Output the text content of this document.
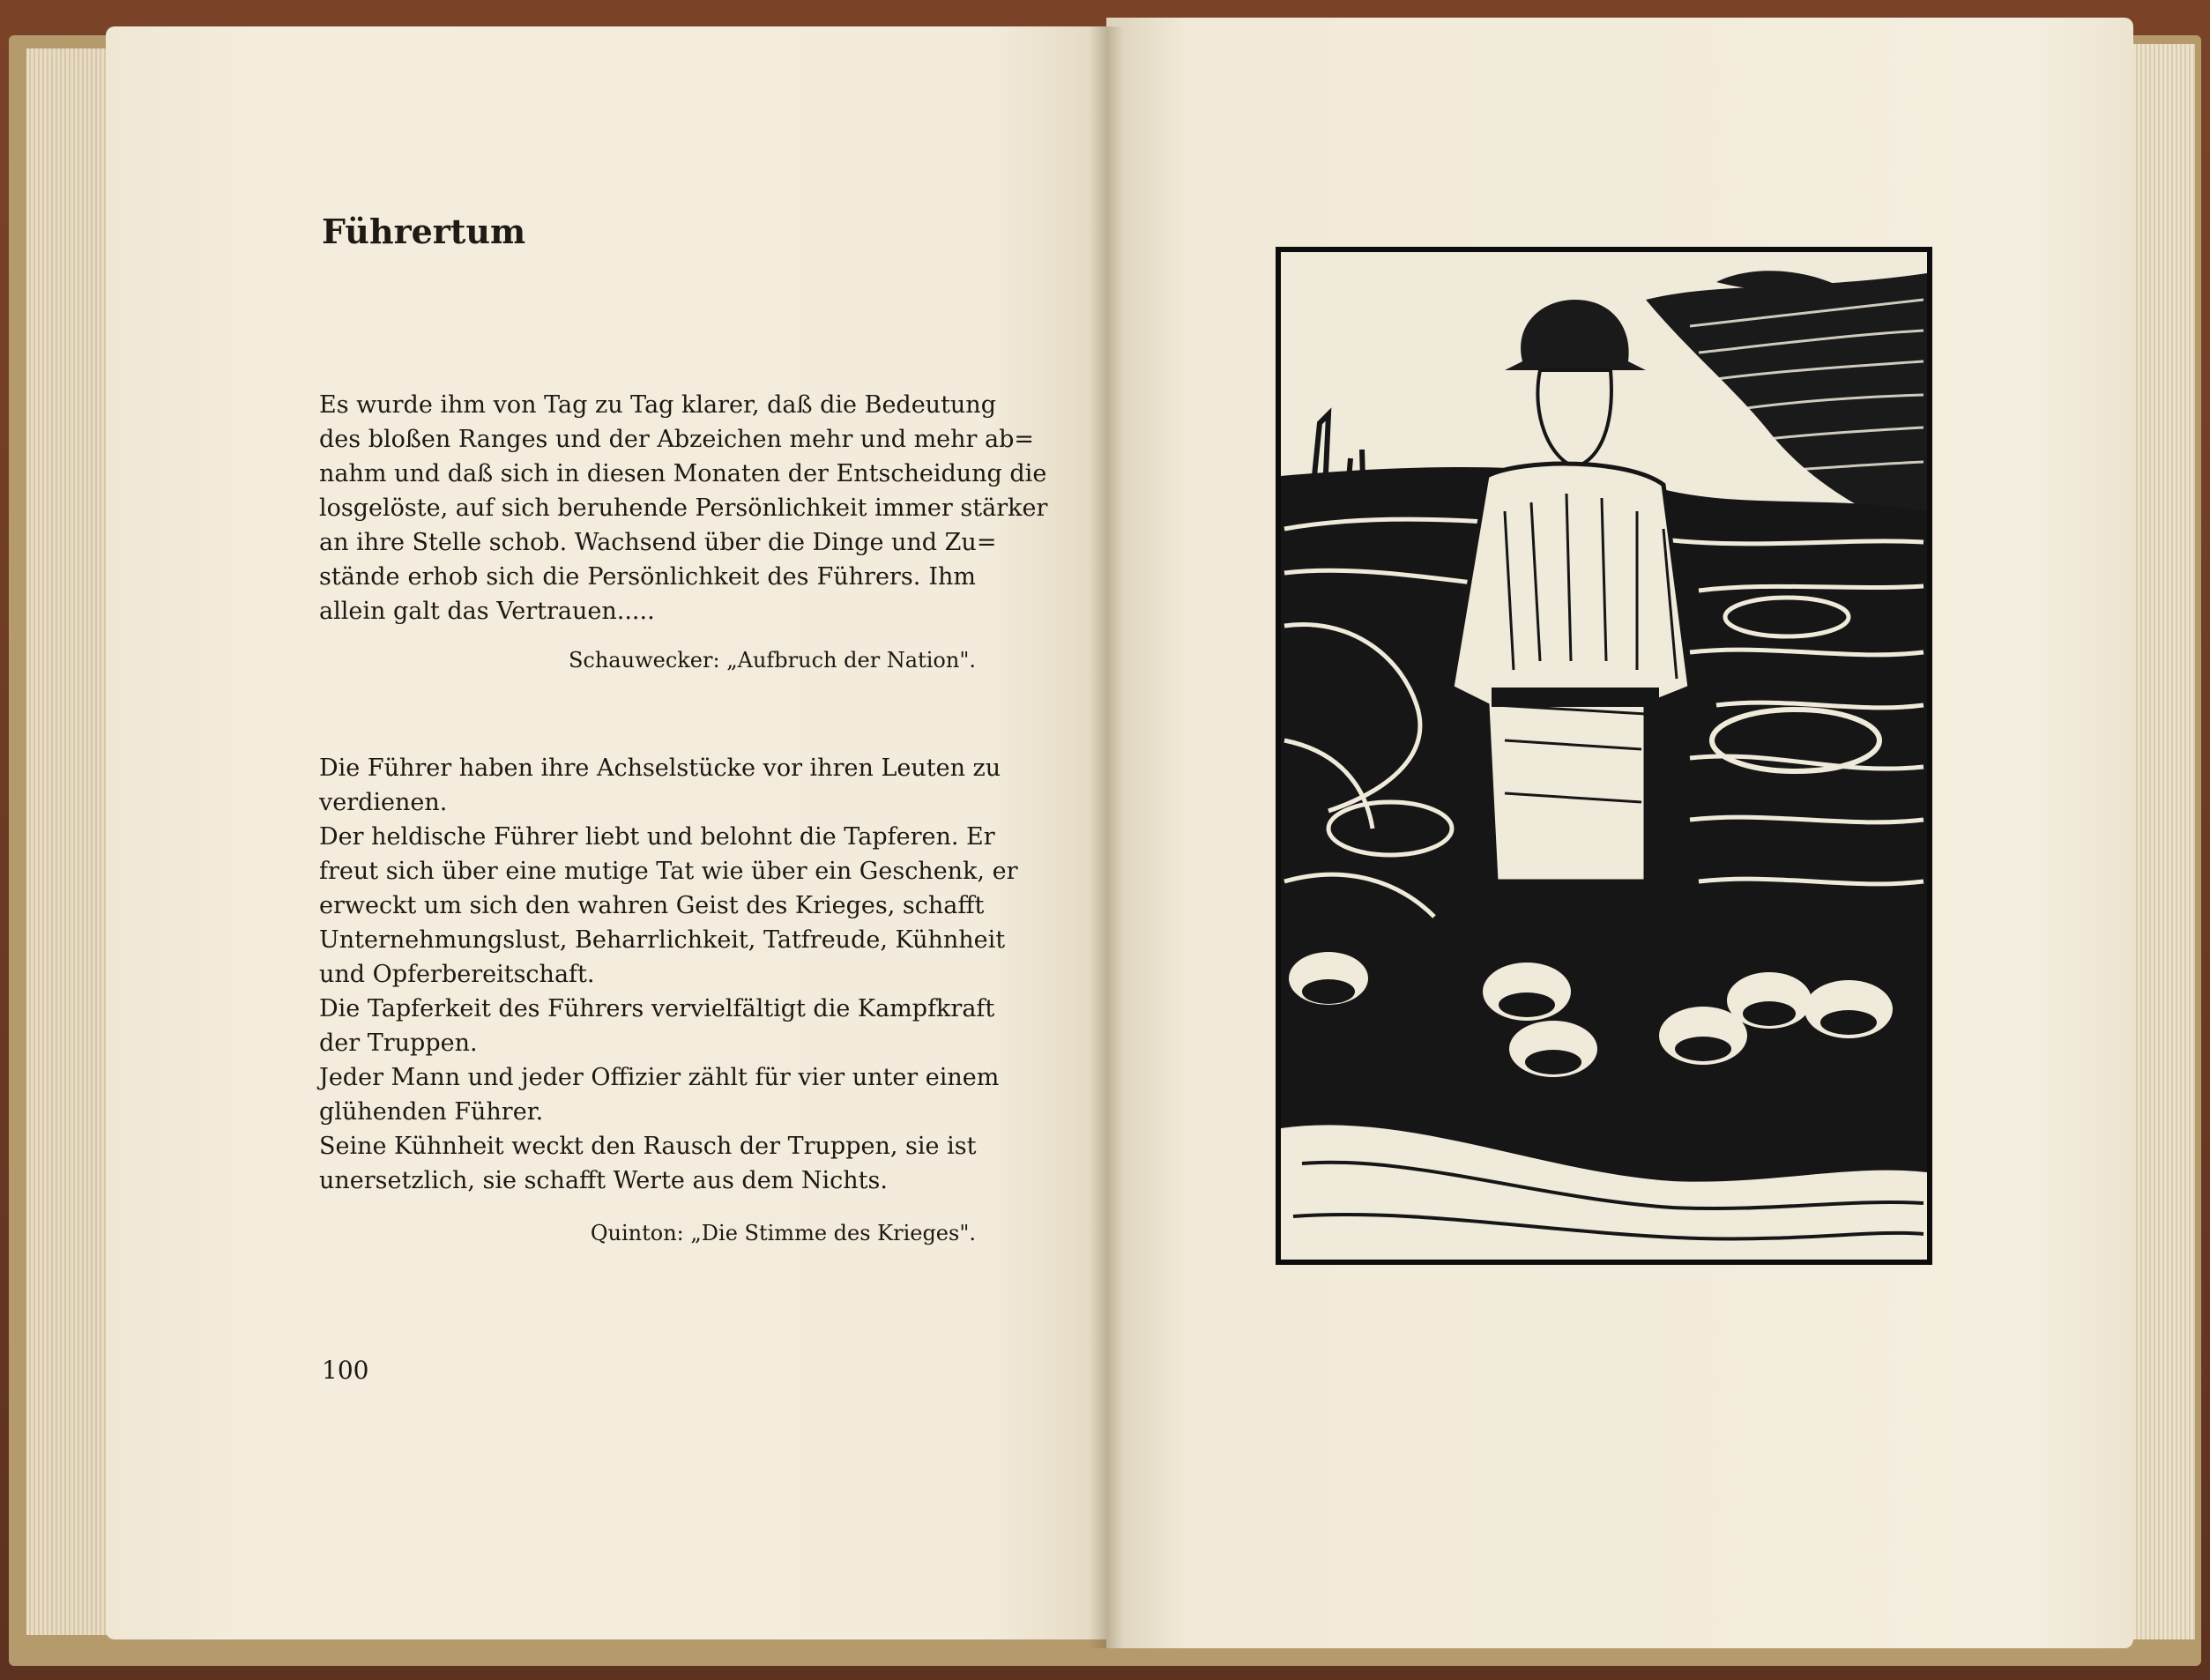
Führertum
Es wurde ihm von Tag zu Tag klarer, daß die Bedeutung
des bloßen Ranges und der Abzeichen mehr und mehr ab=
nahm und daß sich in diesen Monaten der Entscheidung die
losgelöste, auf sich beruhende Persönlichkeit immer stärker
an ihre Stelle schob. Wachsend über die Dinge und Zu=
stände erhob sich die Persönlichkeit des Führers. Ihm
allein galt das Vertrauen.....
Schauwecker: „Aufbruch der Nation".
Die Führer haben ihre Achselstücke vor ihren Leuten zu
verdienen.
Der heldische Führer liebt und belohnt die Tapferen. Er
freut sich über eine mutige Tat wie über ein Geschenk, er
erweckt um sich den wahren Geist des Krieges, schafft
Unternehmungslust, Beharrlichkeit, Tatfreude, Kühnheit
und Opferbereitschaft.
Die Tapferkeit des Führers vervielfältigt die Kampfkraft
der Truppen.
Jeder Mann und jeder Offizier zählt für vier unter einem
glühenden Führer.
Seine Kühnheit weckt den Rausch der Truppen, sie ist
unersetzlich, sie schafft Werte aus dem Nichts.
Quinton: „Die Stimme des Krieges".
100
